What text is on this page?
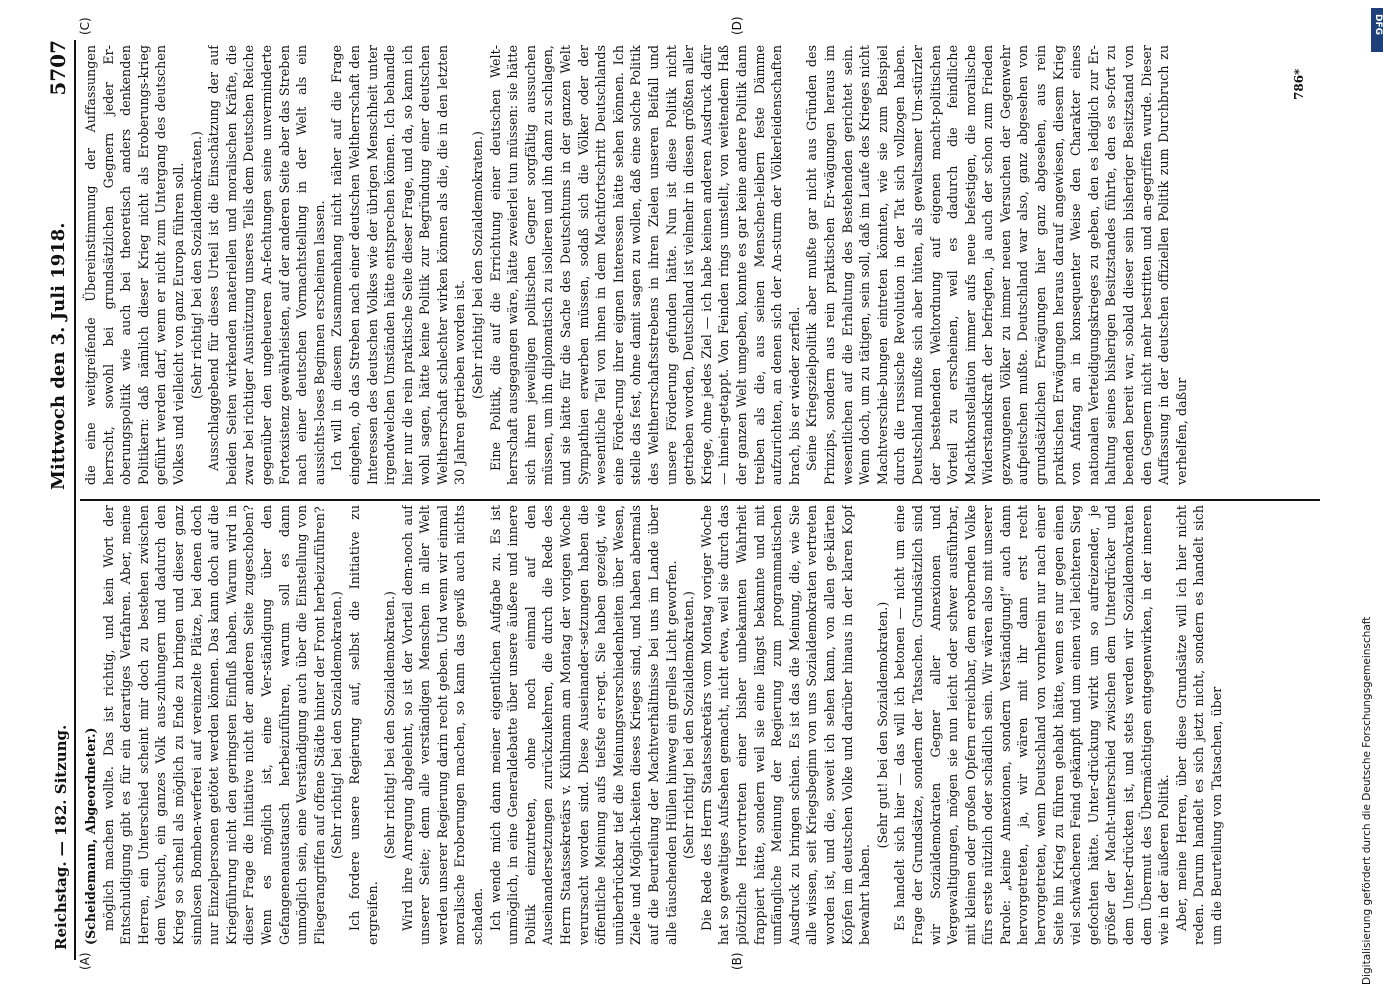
Reichstag. — 182. Sitzung.
Mittwoch den 3. Juli 1918.
5707
(A)	(B)
(C)	(D)

(Scheidemann, Abgeordneter.) möglich machen wollte. Das ist richtig, und kein Wort der Entschuldigung gibt es für ein derartiges Verfahren. Aber, meine Herren, ein Unterschied scheint mir doch zu bestehen zwischen dem Versuch, ein ganzes Volk aus-zuhungern und dadurch den Krieg so schnell als möglich zu Ende zu bringen und dieser ganz sinnlosen Bomben-werferei auf vereinzelte Plätze, bei denen doch nur Einzelpersonen getötet werden können. Das kann doch auf die Kriegführung nicht den geringsten Einfluß haben. Warum wird in dieser Frage die Initiative nicht der anderen Seite zugeschoben? Wenn es möglich ist, eine Ver-ständigung über den Gefangenenaustausch herbeizuführen, warum soll es dann unmöglich sein, eine Verständigung auch über die Einstellung von Fliegerangriffen auf offene Städte hinter der Front herbeizuführen? (Sehr richtig! bei den Sozialdemokraten.) Ich fordere unsere Regierung auf, selbst die Initiative zu ergreifen.

(Sehr richtig! bei den Sozialdemokraten.) Wird ihre Anregung abgelehnt, so ist der Vorteil dem-noch auf unserer Seite; denn alle verständigen Menschen in aller Welt werden unserer Regierung darin recht geben. Und wenn wir einmal moralische Eroberungen machen, so kann das gewiß auch nichts schaden. Ich wende mich dann meiner eigentlichen Aufgabe zu. Es ist unmöglich, in eine Generaldebatte über unsere äußere und innere Politik einzutreten, ohne noch einmal auf den Auseinandersetzungen zurückzukehren, die durch die Rede des Herrn Staatssekretärs v. Kühlmann am Montag der vorigen Woche verursacht worden sind. Diese Auseinander-setzungen haben die öffentliche Meinung aufs tiefste er-regt. Sie haben gezeigt, wie unüberbrückbar tief die Meinungsverschiedenheiten über Wesen, Ziele und Möglich-keiten dieses Krieges sind, und haben abermals auf die Beurteilung der Machtverhältnisse bei uns im Lande über alle täuschenden Hüllen hinweg ein grelles Licht geworfen. (Sehr richtig! bei den Sozialdemokraten.) Die Rede des Herrn Staatssekretärs vom Montag voriger Woche hat so gewaltiges Aufsehen gemacht, nicht etwa, weil sie durch das plötzliche Hervortreten einer bisher unbekannten Wahrheit frappiert hätte, sondern weil sie eine längst bekannte und mit umfängliche Meinung der Regierung zum programmatischen Ausdruck zu bringen schien. Es ist das die Meinung, die, wie Sie alle wissen, seit Kriegsbeginn von uns Sozialdemokraten vertreten worden ist, und die, soweit ich sehen kann, von allen ge-klärten Köpfen im deutschen Volke und darüber hinaus in der klaren Kopf bewahrt haben.

(Sehr gut! bei den Sozialdemokraten.) Es handelt sich hier — das will ich betonen — nicht um eine Frage der Grundsätze, sondern der Tatsachen. Grundsätzlich sind wir Sozialdemokraten Gegner aller Annexionen und Vergewaltigungen, mögen sie nun leicht oder schwer ausführbar, mit kleinen oder großen Opfern erreichbar, dem erobernden Volke fürs erste nützlich oder schädlich sein. Wir wären also mit unserer Parole: „keine Annexionen, sondern Verständigung!“ auch dann hervorgetreten, ja, wir wären mit ihr dann erst recht hervorgetreten, wenn Deutschland von vornherein nur nach einer Seite hin Krieg zu führen gehabt hätte, wenn es nur gegen einen viel schwächeren Feind gekämpft und um einen viel leichteren Sieg gefochten hätte. Unter-drückung wirkt um so aufreizender, je größer der Macht-unterschied zwischen dem Unterdrücker und dem Unter-drückten ist, und stets werden wir Sozialdemokraten dem Übermut des Übermächtigen entgegenwirken, in der inneren wie in der äußeren Politik. Aber, meine Herren, über diese Grundsätze will ich hier nicht reden. Darum handelt es sich jetzt nicht, sondern es handelt sich um die Beurteilung von Tatsachen, über

die eine weitgreifende Übereinstimmung der Auffassungen herrscht, sowohl bei grundsätzlichen Gegnern jeder Er-oberungspolitik wie auch bei theoretisch anders denkenden Politikern: daß nämlich dieser Krieg nicht als Eroberungs-krieg geführt werden darf, wenn er nicht zum Untergang des deutschen Volkes und vielleicht von ganz Europa führen soll. (Sehr richtig! bei den Sozialdemokraten.) Ausschlaggebend für dieses Urteil ist die Einschätzung der auf beiden Seiten wirkenden materiellen und moralischen Kräfte, die zwar bei richtiger Ausnützung unseres Teils dem Deutschen Reiche gegenüber den ungeheueren An-fechtungen seine unverminderte Fortexistenz gewährleisten, auf der anderen Seite aber das Streben nach einer deutschen Vormachtstellung in der Welt als ein aussichts-loses Beginnen erscheinen lassen. Ich will in diesem Zusammenhang nicht näher auf die Frage eingehen, ob das Streben nach einer deutschen Weltherrschaft den Interessen des deutschen Volkes wie der übrigen Menschheit unter irgendwelchen Umständen hätte entsprechen können. Ich behandle hier nur die rein praktische Seite dieser Frage, und da, so kann ich wohl sagen, hätte keine Politik zur Begründung einer deutschen Weltherrschaft schlechter wirken können als die, die in den letzten 30 Jahren getrieben worden ist. (Sehr richtig! bei den Sozialdemokraten.) Eine Politik, die auf die Errichtung einer deutschen Welt-herrschaft ausgegangen wäre, hätte zweierlei tun müssen: sie hätte sich ihren jeweiligen politischen Gegner sorgfältig aussuchen müssen, um ihn diplomatisch zu isolieren und ihn dann zu schlagen, und sie hätte für die Sache des Deutschtums in der ganzen Welt Sympathien erwerben müssen, sodaß sich die Völker oder der wesentliche Teil von ihnen in dem Machtfortschritt Deutschlands eine Förde-rung ihrer eignen Interessen hätte sehen können. Ich stelle das fest, ohne damit sagen zu wollen, daß eine solche Politik des Weltherrschaftsstrebens in ihren Zielen unseren Beifall und unsere Förderung gefunden hätte. Nun ist diese Politik nicht getrieben worden, Deutschland ist vielmehr in diesen größten aller Kriege, ohne jedes Ziel — ich habe keinen anderen Ausdruck dafür — hinein-getappt. Von Feinden rings umstellt, von weitendem Haß der ganzen Welt umgeben, konnte es gar keine andere Politik dann treiben als die, aus seinen Menschen-leibern feste Dämme aufzurichten, an denen sich der An-sturm der Völkerleidenschaften brach, bis er wieder zerfiel. Seine Kriegszielpolitik aber mußte gar nicht aus Gründen des Prinzips, sondern aus rein praktischen Er-wägungen heraus im wesentlichen auf die Erhaltung des Bestehenden gerichtet sein. Wenn doch, um zu tätigen, sein soll, daß im Laufe des Krieges nicht Machtverschie-bungen eintreten könnten, wie sie zum Beispiel durch die russische Revolution in der Tat sich vollzogen haben. Deutschland mußte sich aber hüten, als gewaltsamer Um-stürzler der bestehenden Weltordnung auf eigenen macht-politischen Vorteil zu erscheinen, weil es dadurch die feindliche Machtkonstellation immer aufs neue befestigen, die moralische Widerstandskraft der befriegten, ja auch der schon zum Frieden gezwungenen Völker zu immer neuen Versuchen der Gegenwehr aufpeitschen mußte. Deutschland war also, ganz abgesehen von grundsätzlichen Erwägungen hier ganz abgesehen, aus rein praktischen Erwägungen heraus darauf angewiesen, diesem Krieg von Anfang an in konsequenter Weise den Charakter eines nationalen Verteidigungskrieges zu geben, den es lediglich zur Er-haltung seines bisherigen Besitzstandes führte, den es so-fort zu beenden bereit war, sobald dieser sein bisheriger Besitzstand von den Gegnern nicht mehr bestritten und an-gegriffen wurde. Dieser Auffassung in der deutschen offiziellen Politik zum Durchbruch zu verhelfen, daßur

786*
DFG
Digitalisierung gefördert durch die Deutsche Forschungsgemeinschaft
